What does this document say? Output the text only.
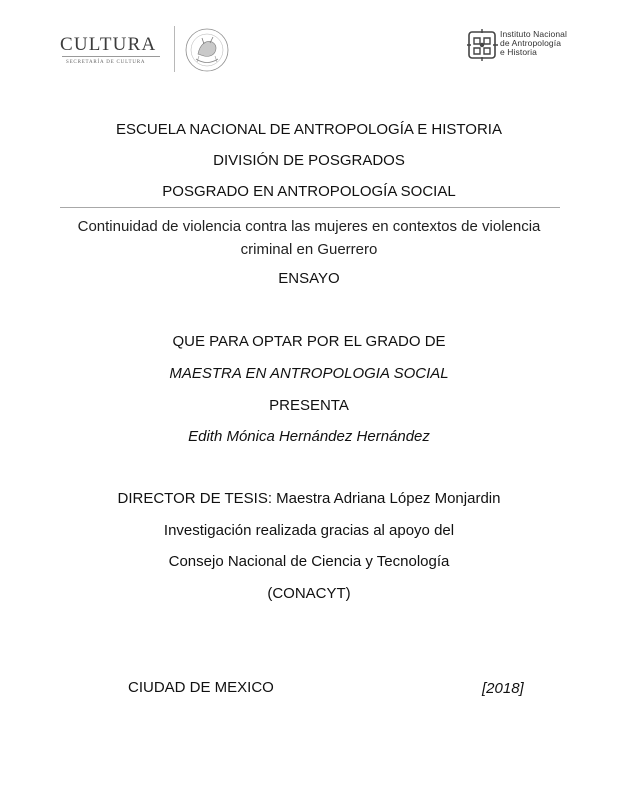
CULTURA
SECRETARÍA DE CULTURA
Instituto Nacional
de Antropología
e Historia
ESCUELA NACIONAL DE ANTROPOLOGÍA E HISTORIA
DIVISIÓN DE POSGRADOS
POSGRADO EN ANTROPOLOGÍA SOCIAL
Continuidad de violencia contra las mujeres en contextos de violencia criminal en Guerrero
ENSAYO
QUE PARA OPTAR POR EL GRADO DE
MAESTRA EN ANTROPOLOGIA SOCIAL
PRESENTA
Edith Mónica Hernández Hernández
DIRECTOR DE TESIS: Maestra Adriana López Monjardin
Investigación realizada gracias al apoyo del
Consejo Nacional de Ciencia y Tecnología
(CONACYT)
CIUDAD DE MEXICO	[2018]
